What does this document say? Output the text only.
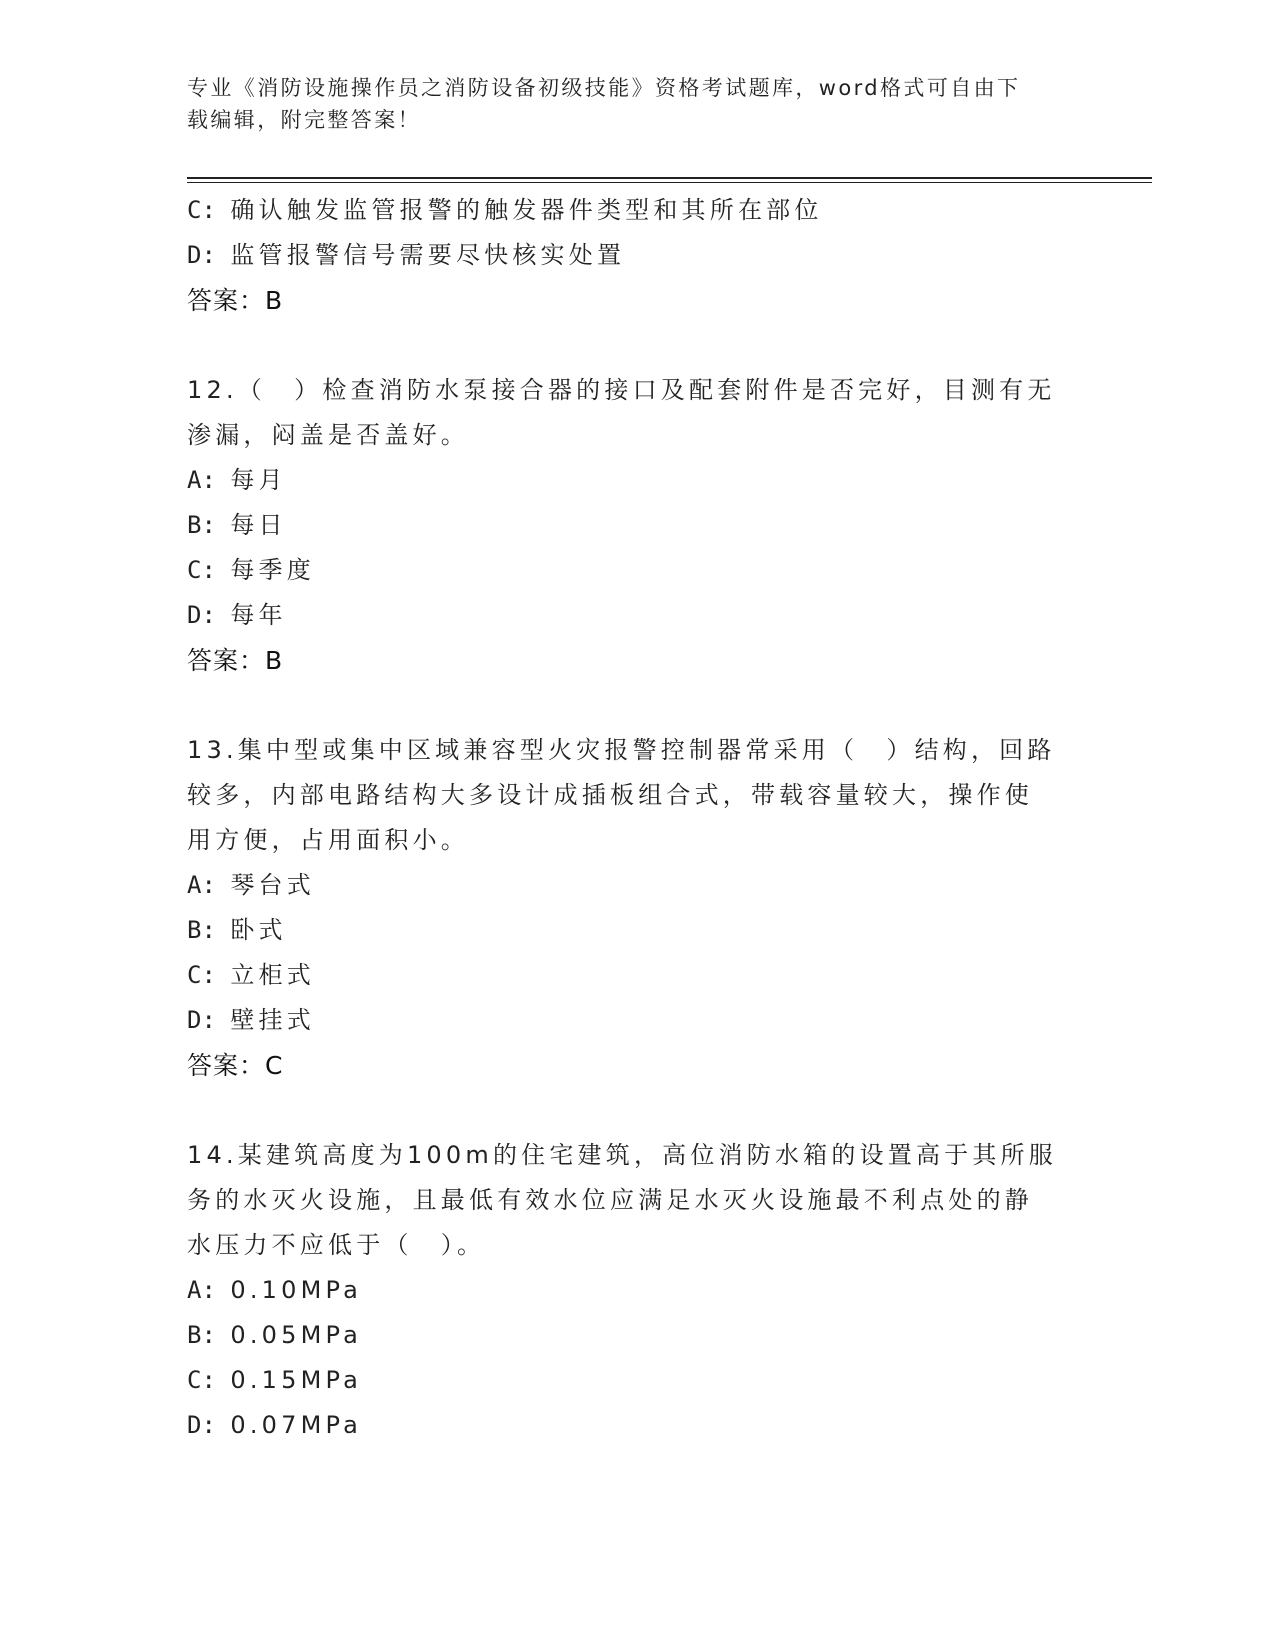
专业《消防设施操作员之消防设备初级技能》资格考试题库，word格式可自由下
载编辑，附完整答案！
C: 确认触发监管报警的触发器件类型和其所在部位
D: 监管报警信号需要尽快核实处置
答案：B
12.（　）检查消防水泵接合器的接口及配套附件是否完好，目测有无
渗漏，闷盖是否盖好。
A: 每月
B: 每日
C: 每季度
D: 每年
答案：B
13.集中型或集中区域兼容型火灾报警控制器常采用（　）结构，回路
较多，内部电路结构大多设计成插板组合式，带载容量较大，操作使
用方便，占用面积小。
A: 琴台式
B: 卧式
C: 立柜式
D: 壁挂式
答案：C
14.某建筑高度为100m的住宅建筑，高位消防水箱的设置高于其所服
务的水灭火设施，且最低有效水位应满足水灭火设施最不利点处的静
水压力不应低于（　）。
A: 0.10MPa
B: 0.05MPa
C: 0.15MPa
D: 0.07MPa
